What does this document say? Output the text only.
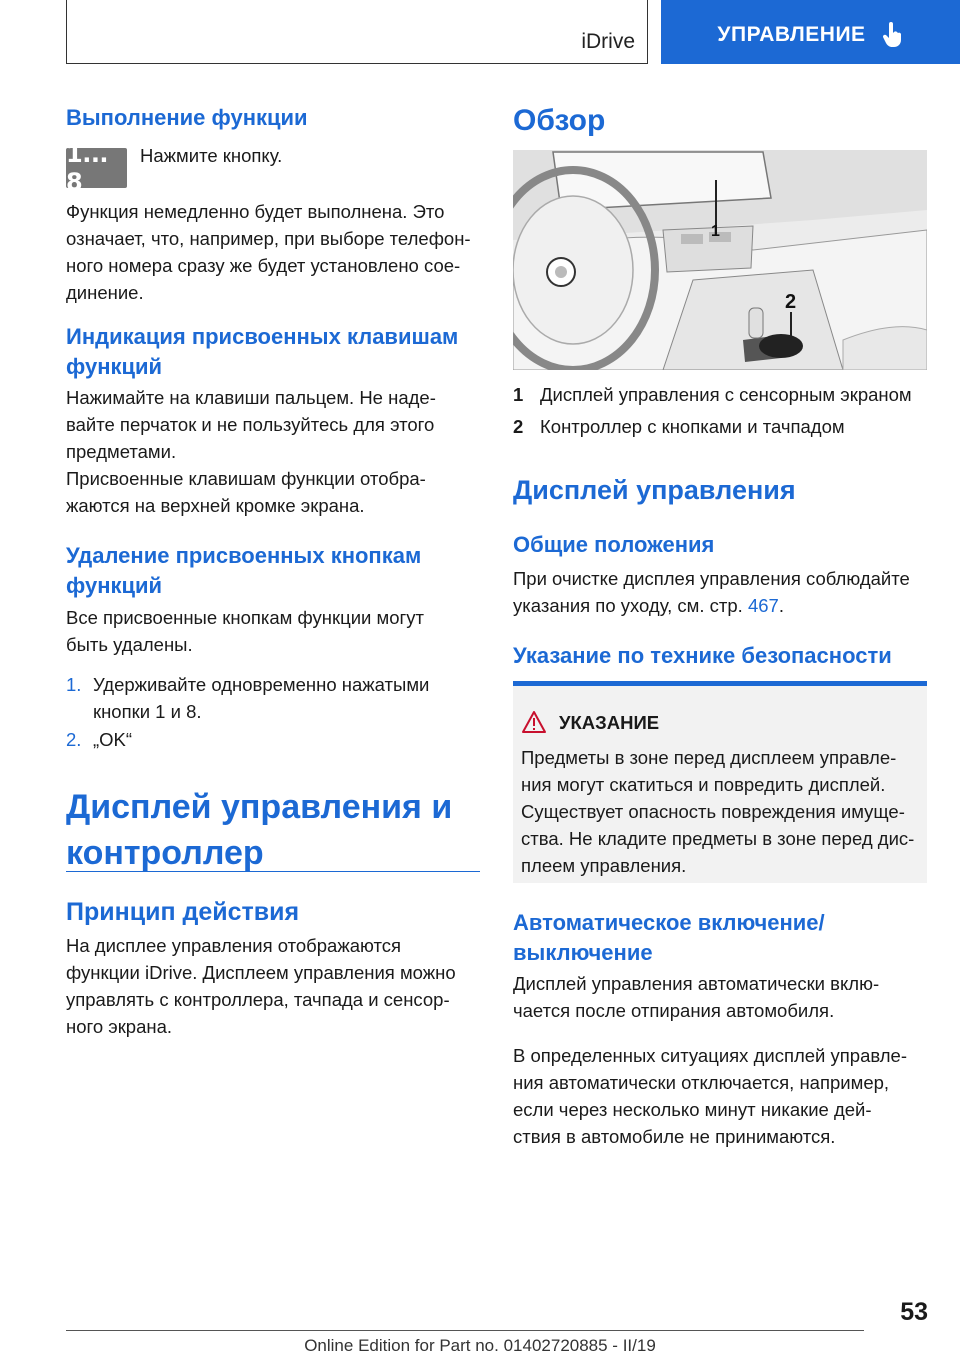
iDrive	УПРАВЛЕНИЕ
Выполнение функции
1... 8

Нажмите кнопку.

Функция немедленно будет выполнена. Это

означает, что, например, при выборе телефон-

ного номера сразу же будет установлено сое-

динение.

Индикация присвоенных клавишам
функций

Нажимайте на клавиши пальцем. Не наде-

вайте перчаток и не пользуйтесь для этого

предметами.

Присвоенные клавишам функции отобра-

жаются на верхней кромке экрана.

Удаление присвоенных кнопкам
функций

Все присвоенные кнопкам функции могут

быть удалены.

1. Удерживайте одновременно нажатыми
кнопки 1 и 8.
2. „OK“
Дисплей управления и
контроллер
Принцип действия

На дисплее управления отображаются

функции iDrive. Дисплеем управления можно

управлять с контроллера, тачпада и сенсор-

ного экрана.

Обзор
1
2
1 Дисплей управления с сенсорным экраном
2 Контроллер с кнопками и тачпадом
Дисплей управления
Общие положения

При очистке дисплея управления соблюдайте

указания по уходу, см. стр. 467.

Указание по технике безопасности
УКАЗАНИЕ

Предметы в зоне перед дисплеем управле-

ния могут скатиться и повредить дисплей.

Существует опасность повреждения имуще-

ства. Не кладите предметы в зоне перед дис-

плеем управления.

Автоматическое включение/
выключение

Дисплей управления автоматически вклю-

чается после отпирания автомобиля.

В определенных ситуациях дисплей управле-

ния автоматически отключается, например,

если через несколько минут никакие дей-

ствия в автомобиле не принимаются.

53
Online Edition for Part no. 01402720885 - II/19
